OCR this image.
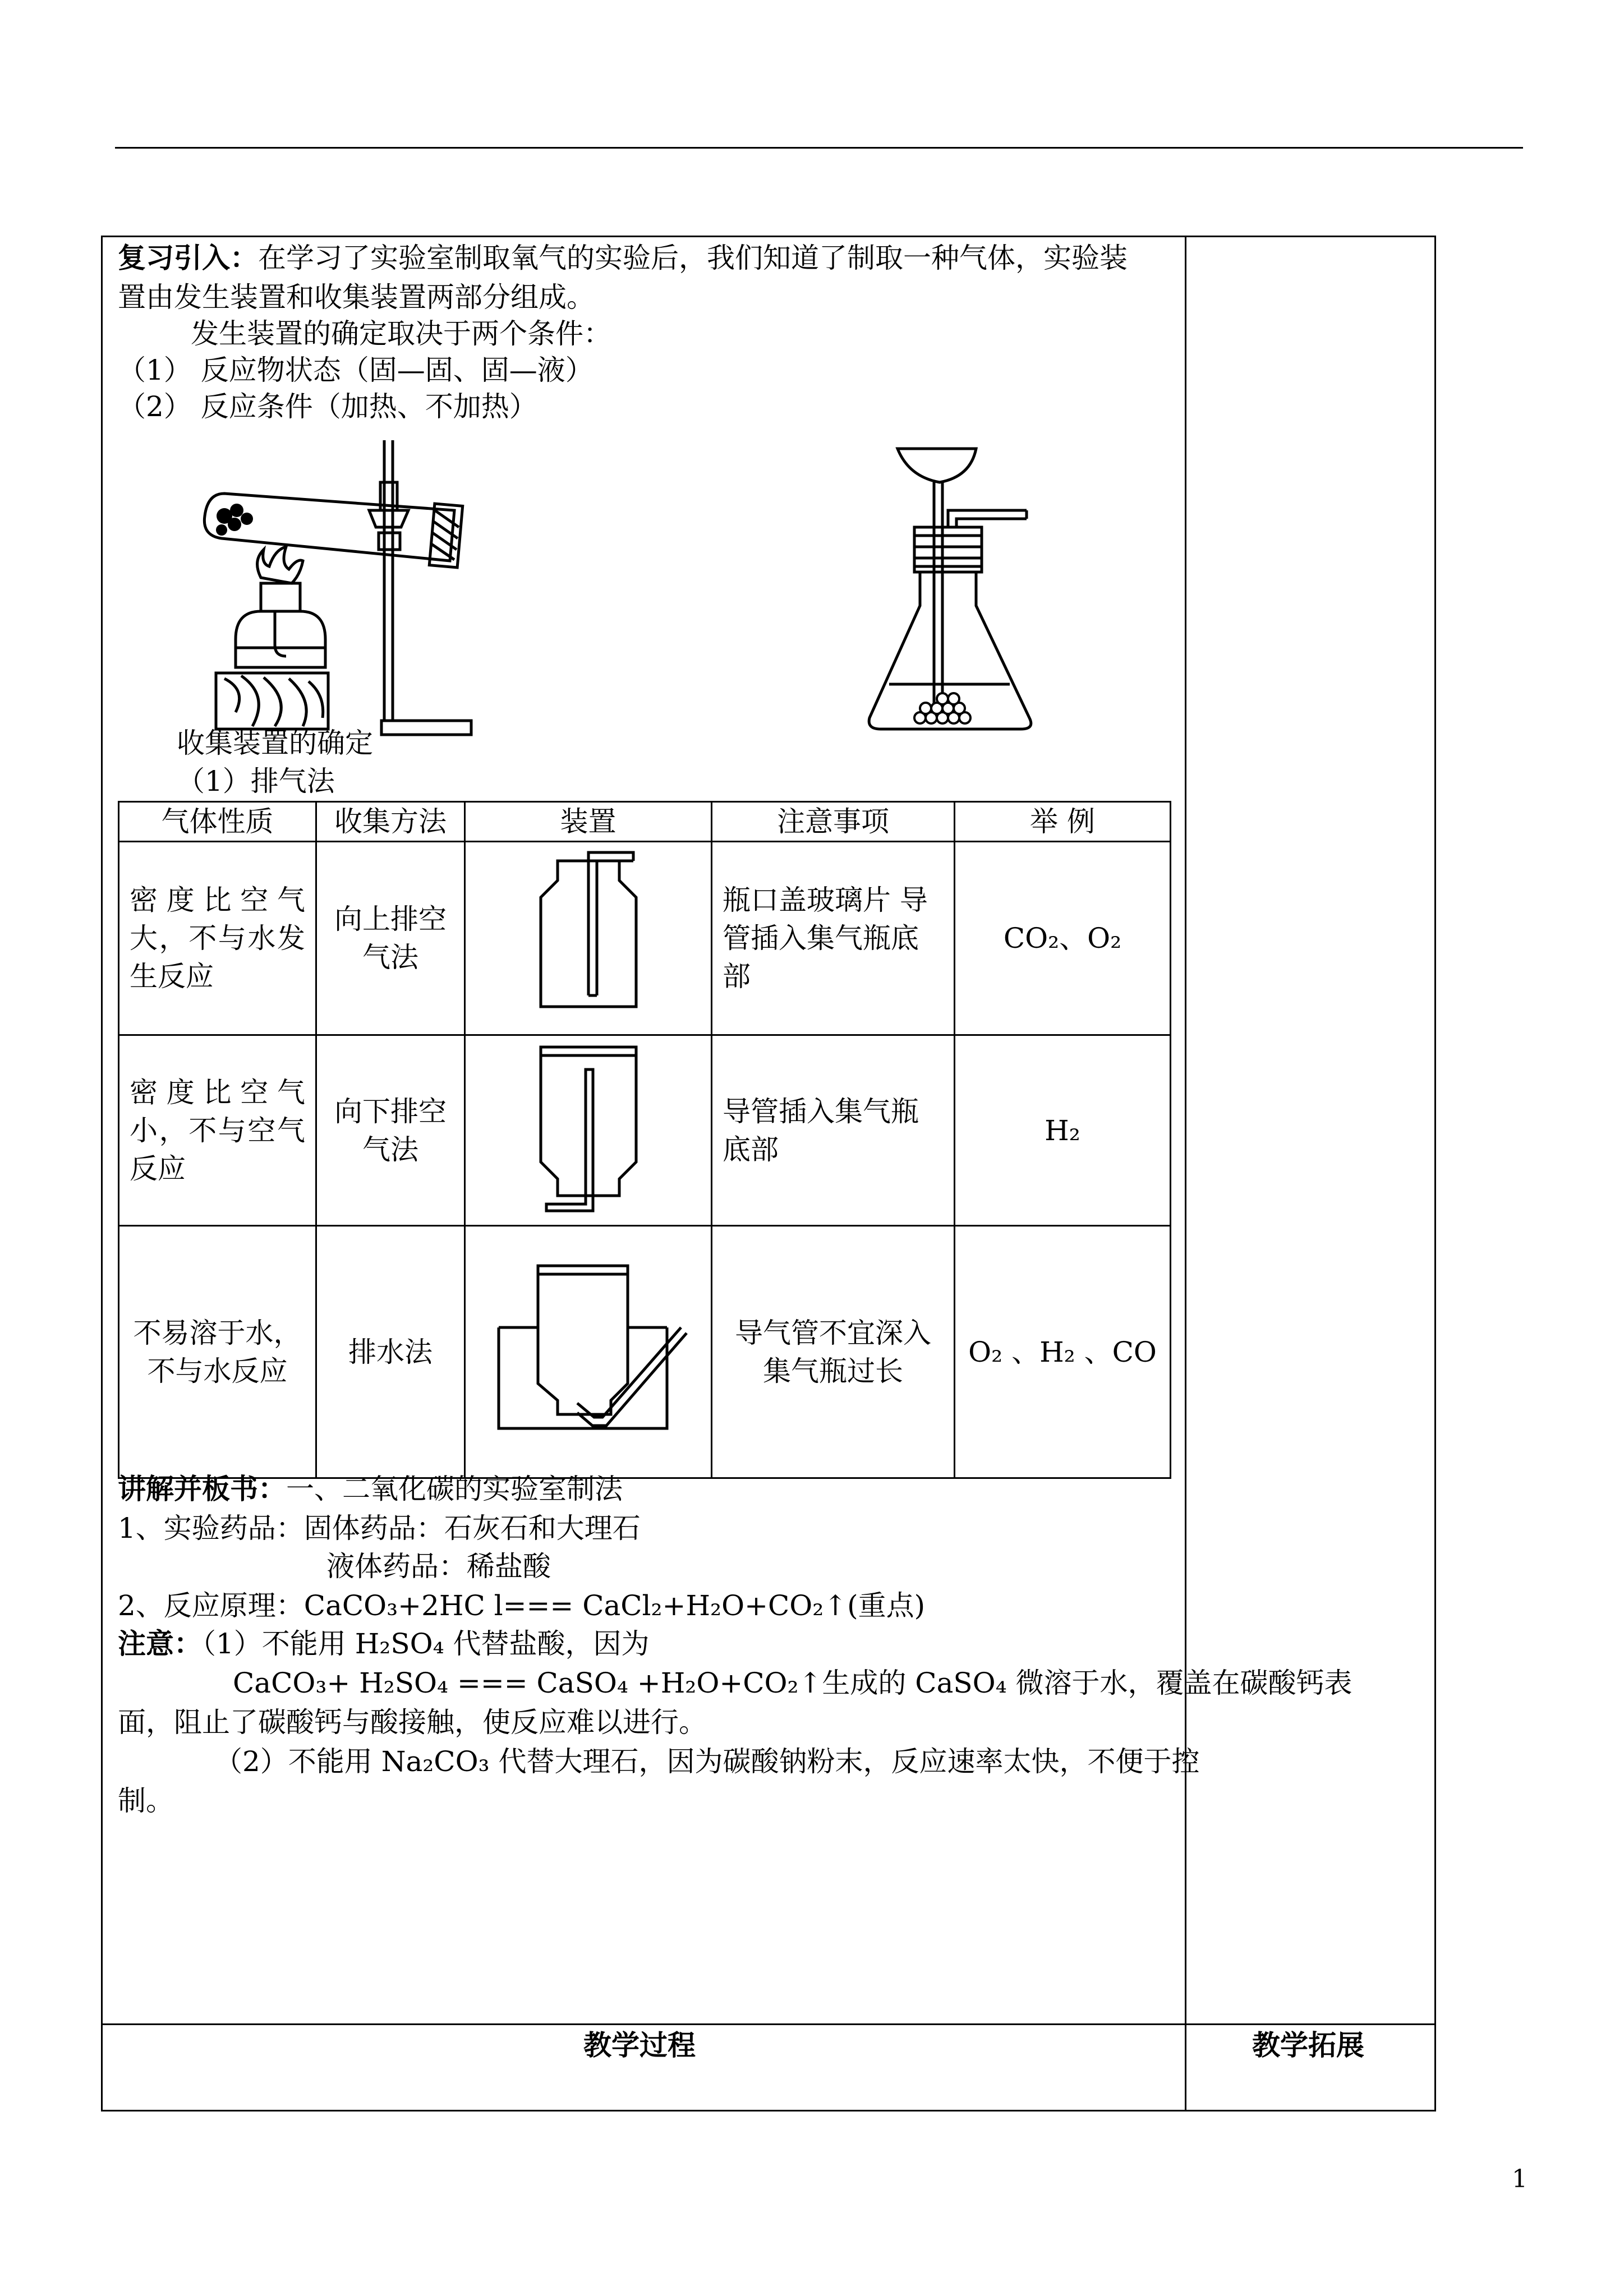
复习引入：在学习了实验室制取氧气的实验后，我们知道了制取一种气体，实验装
置由发生装置和收集装置两部分组成。
发生装置的确定取决于两个条件：
（1） 反应物状态（固—固、固—液）
（2） 反应条件（加热、不加热）
收集装置的确定
（1）排气法
气体性质	收集方法	装置	注意事项	举 例
密度比空气大，不与水发生反应	向上排空气法		瓶口盖玻璃片 导管插入集气瓶底部	CO₂、O₂
密度比空气小，不与空气反应	向下排空气法		导管插入集气瓶底部	H₂
不易溶于水，不与水反应	排水法		导气管不宜深入集气瓶过长	O₂ 、H₂ 、CO
讲解并板书：一、二氧化碳的实验室制法
1、实验药品：固体药品：石灰石和大理石
液体药品：稀盐酸
2、反应原理：CaCO₃+2HC l=== CaCl₂+H₂O+CO₂↑(重点)
注意：（1）不能用 H₂SO₄ 代替盐酸，因为
CaCO₃+ H₂SO₄ === CaSO₄ +H₂O+CO₂↑生成的 CaSO₄ 微溶于水，覆盖在碳酸钙表
面，阻止了碳酸钙与酸接触，使反应难以进行。
（2）不能用 Na₂CO₃ 代替大理石，因为碳酸钠粉末，反应速率太快，不便于控
制。
教学过程	教学拓展
1
